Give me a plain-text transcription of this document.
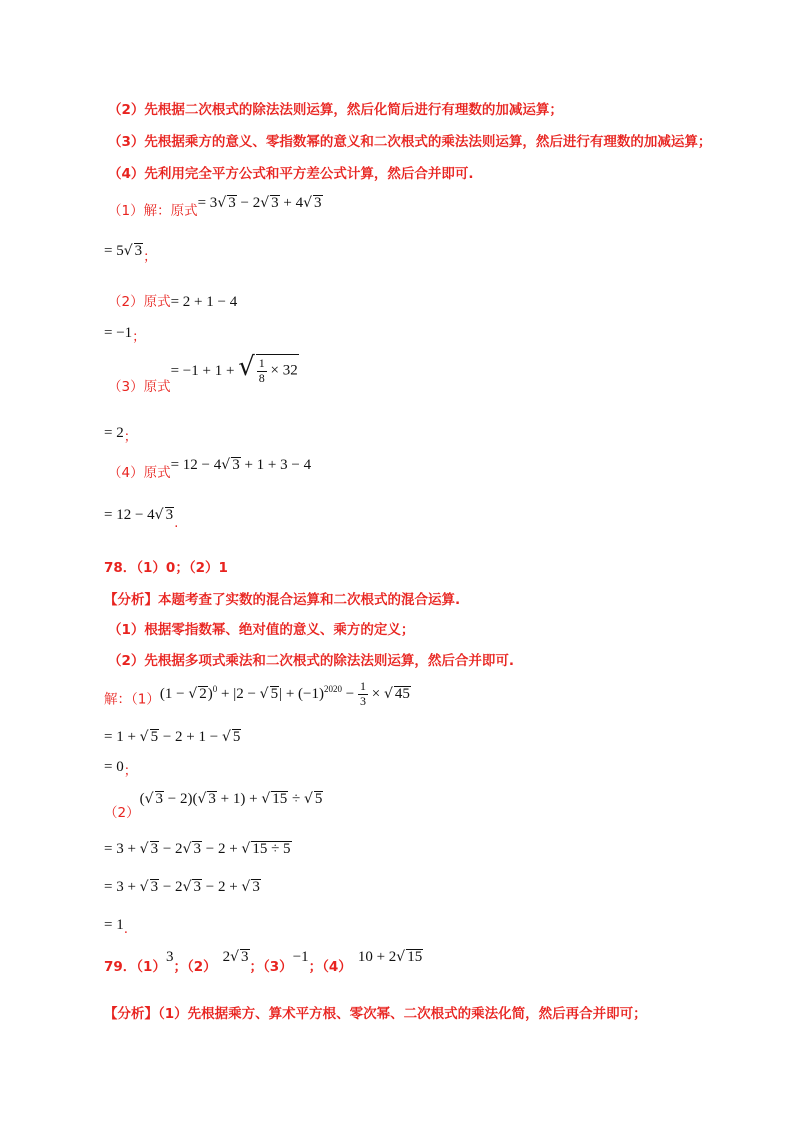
（2）先根据二次根式的除法法则运算，然后化简后进行有理数的加减运算；
（3）先根据乘方的意义、零指数幂的意义和二次根式的乘法法则运算，然后进行有理数的加减运算；
（4）先利用完全平方公式和平方差公式计算，然后合并即可.
$_{(1)解:原式}$= 3√ 3 − 2√ 3 + 4√ 3
= 5√ $3_;$
（2）原式= 2 + 1 − 4
= $-1_;$
$_{(3)原式}$= −1 + 1 + √ $\frac{1}{8} \times 32$
= $2_;$
$_{(4)原式}$= 12 − 4√ 3 + 1 + 3 − 4
= 12 − 4√ $3_.$
78．（1）0；（2）1
【分析】本题考查了实数的混合运算和二次根式的混合运算.
（1）根据零指数幂、绝对值的意义、乘方的定义；
（2）先根据多项式乘法和二次根式的除法法则运算，然后合并即可.
$_{解:(1)}$(1 − √ 2)$^0$ + |2 − √ $5| + (-1)^{2020} - \frac{1}{3}$ × √ 45
= 1 + √ 5 − 2 + 1 − √ 5
= $0_;$
$_{(2)}$(√ 3 − 2)(√ 3 + 1) + √ 15 ÷ √ 5
= 3 + √ 3 − 2√ 3 − 2 + √ 15 ÷ 5
= 3 + √ 3 − 2√ 3 − 2 + √ 3
= $1_.$
$_{79.(1)}3_{;(2)}2√$ $3_{;(3)}-1_{;(4)}10 + 2√$ 15
【分析】（1）先根据乘方、算术平方根、零次幂、二次根式的乘法化简，然后再合并即可；
